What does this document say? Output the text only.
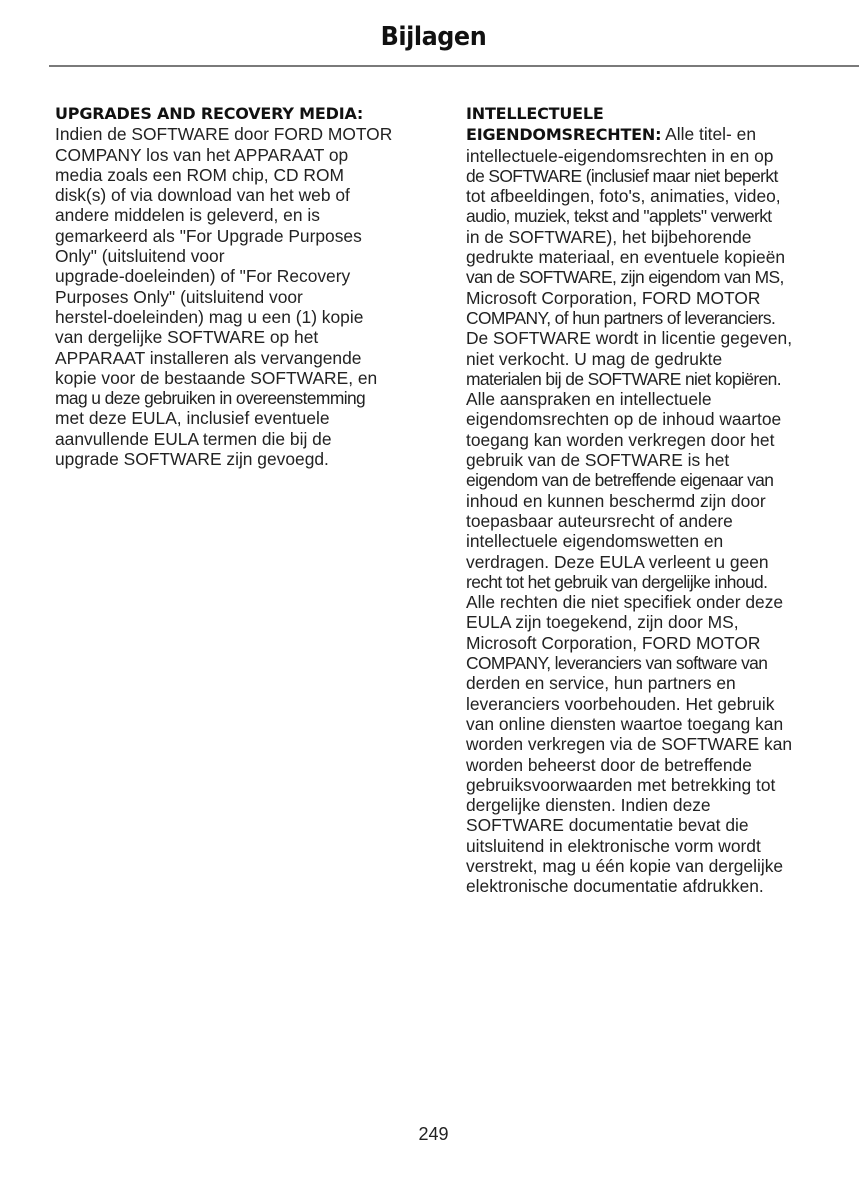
Bijlagen
UPGRADES AND RECOVERY MEDIA:
Indien de SOFTWARE door FORD MOTOR
COMPANY los van het APPARAAT op
media zoals een ROM chip, CD ROM
disk(s) of via download van het web of
andere middelen is geleverd, en is
gemarkeerd als "For Upgrade Purposes
Only" (uitsluitend voor
upgrade-doeleinden) of "For Recovery
Purposes Only" (uitsluitend voor
herstel-doeleinden) mag u een (1) kopie
van dergelijke SOFTWARE op het
APPARAAT installeren als vervangende
kopie voor de bestaande SOFTWARE, en
mag u deze gebruiken in overeenstemming
met deze EULA, inclusief eventuele
aanvullende EULA termen die bij de
upgrade SOFTWARE zijn gevoegd.
INTELLECTUELE
EIGENDOMSRECHTEN: Alle titel- en
intellectuele-eigendomsrechten in en op
de SOFTWARE (inclusief maar niet beperkt
tot afbeeldingen, foto's, animaties, video,
audio, muziek, tekst and "applets" verwerkt
in de SOFTWARE), het bijbehorende
gedrukte materiaal, en eventuele kopieën
van de SOFTWARE, zijn eigendom van MS,
Microsoft Corporation, FORD MOTOR
COMPANY, of hun partners of leveranciers.
De SOFTWARE wordt in licentie gegeven,
niet verkocht. U mag de gedrukte
materialen bij de SOFTWARE niet kopiëren.
Alle aanspraken en intellectuele
eigendomsrechten op de inhoud waartoe
toegang kan worden verkregen door het
gebruik van de SOFTWARE is het
eigendom van de betreffende eigenaar van
inhoud en kunnen beschermd zijn door
toepasbaar auteursrecht of andere
intellectuele eigendomswetten en
verdragen. Deze EULA verleent u geen
recht tot het gebruik van dergelijke inhoud.
Alle rechten die niet specifiek onder deze
EULA zijn toegekend, zijn door MS,
Microsoft Corporation, FORD MOTOR
COMPANY, leveranciers van software van
derden en service, hun partners en
leveranciers voorbehouden. Het gebruik
van online diensten waartoe toegang kan
worden verkregen via de SOFTWARE kan
worden beheerst door de betreffende
gebruiksvoorwaarden met betrekking tot
dergelijke diensten. Indien deze
SOFTWARE documentatie bevat die
uitsluitend in elektronische vorm wordt
verstrekt, mag u één kopie van dergelijke
elektronische documentatie afdrukken.
249
